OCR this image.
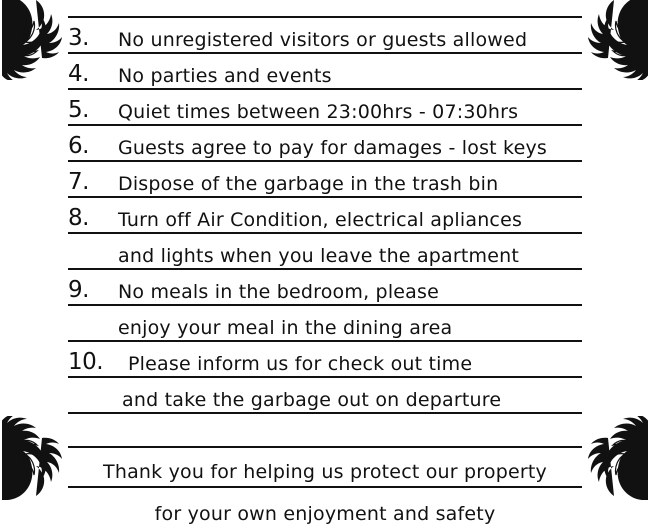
3.	No unregistered visitors or guests allowed
4.	No parties and events
5.	Quiet times between 23:00hrs - 07:30hrs
6.	Guests agree to pay for damages - lost keys
7.	Dispose of the garbage in the trash bin
8.	Turn off Air Condition, electrical apliances
and lights when you leave the apartment
9.	No meals in the bedroom, please
enjoy your meal in the dining area
10.	Please inform us for check out time
and take the garbage out on departure
Thank you for helping us protect our property
for your own enjoyment and safety
